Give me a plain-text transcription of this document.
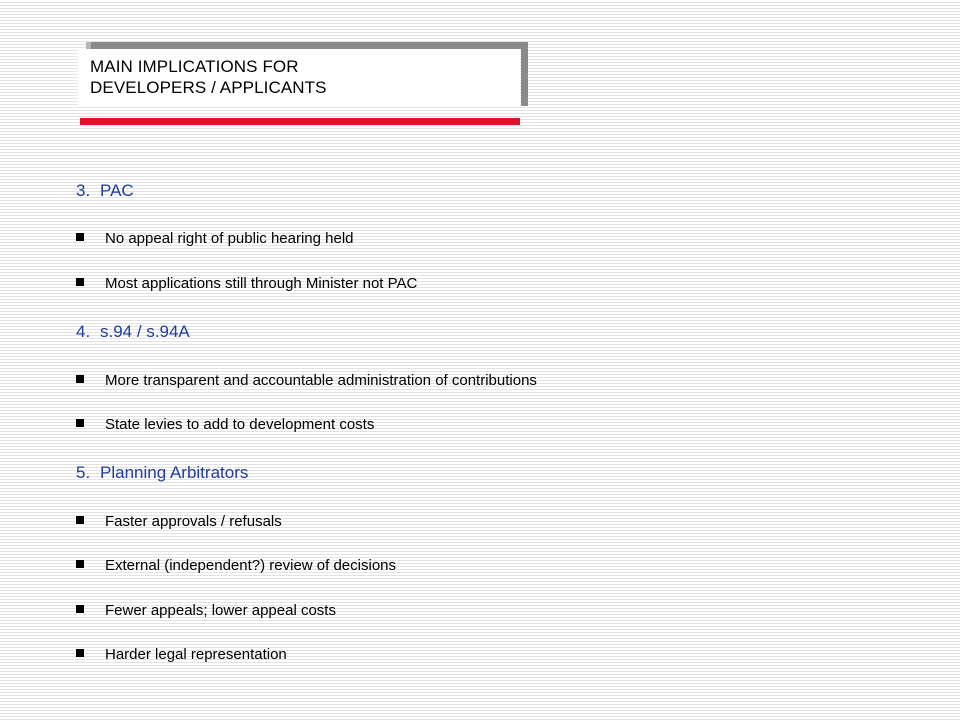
MAIN IMPLICATIONS FOR
DEVELOPERS / APPLICANTS
3. PAC
No appeal right of public hearing held
Most applications still through Minister not PAC
4. s.94 / s.94A
More transparent and accountable administration of contributions
State levies to add to development costs
5. Planning Arbitrators
Faster approvals / refusals
External (independent?) review of decisions
Fewer appeals; lower appeal costs
Harder legal representation
